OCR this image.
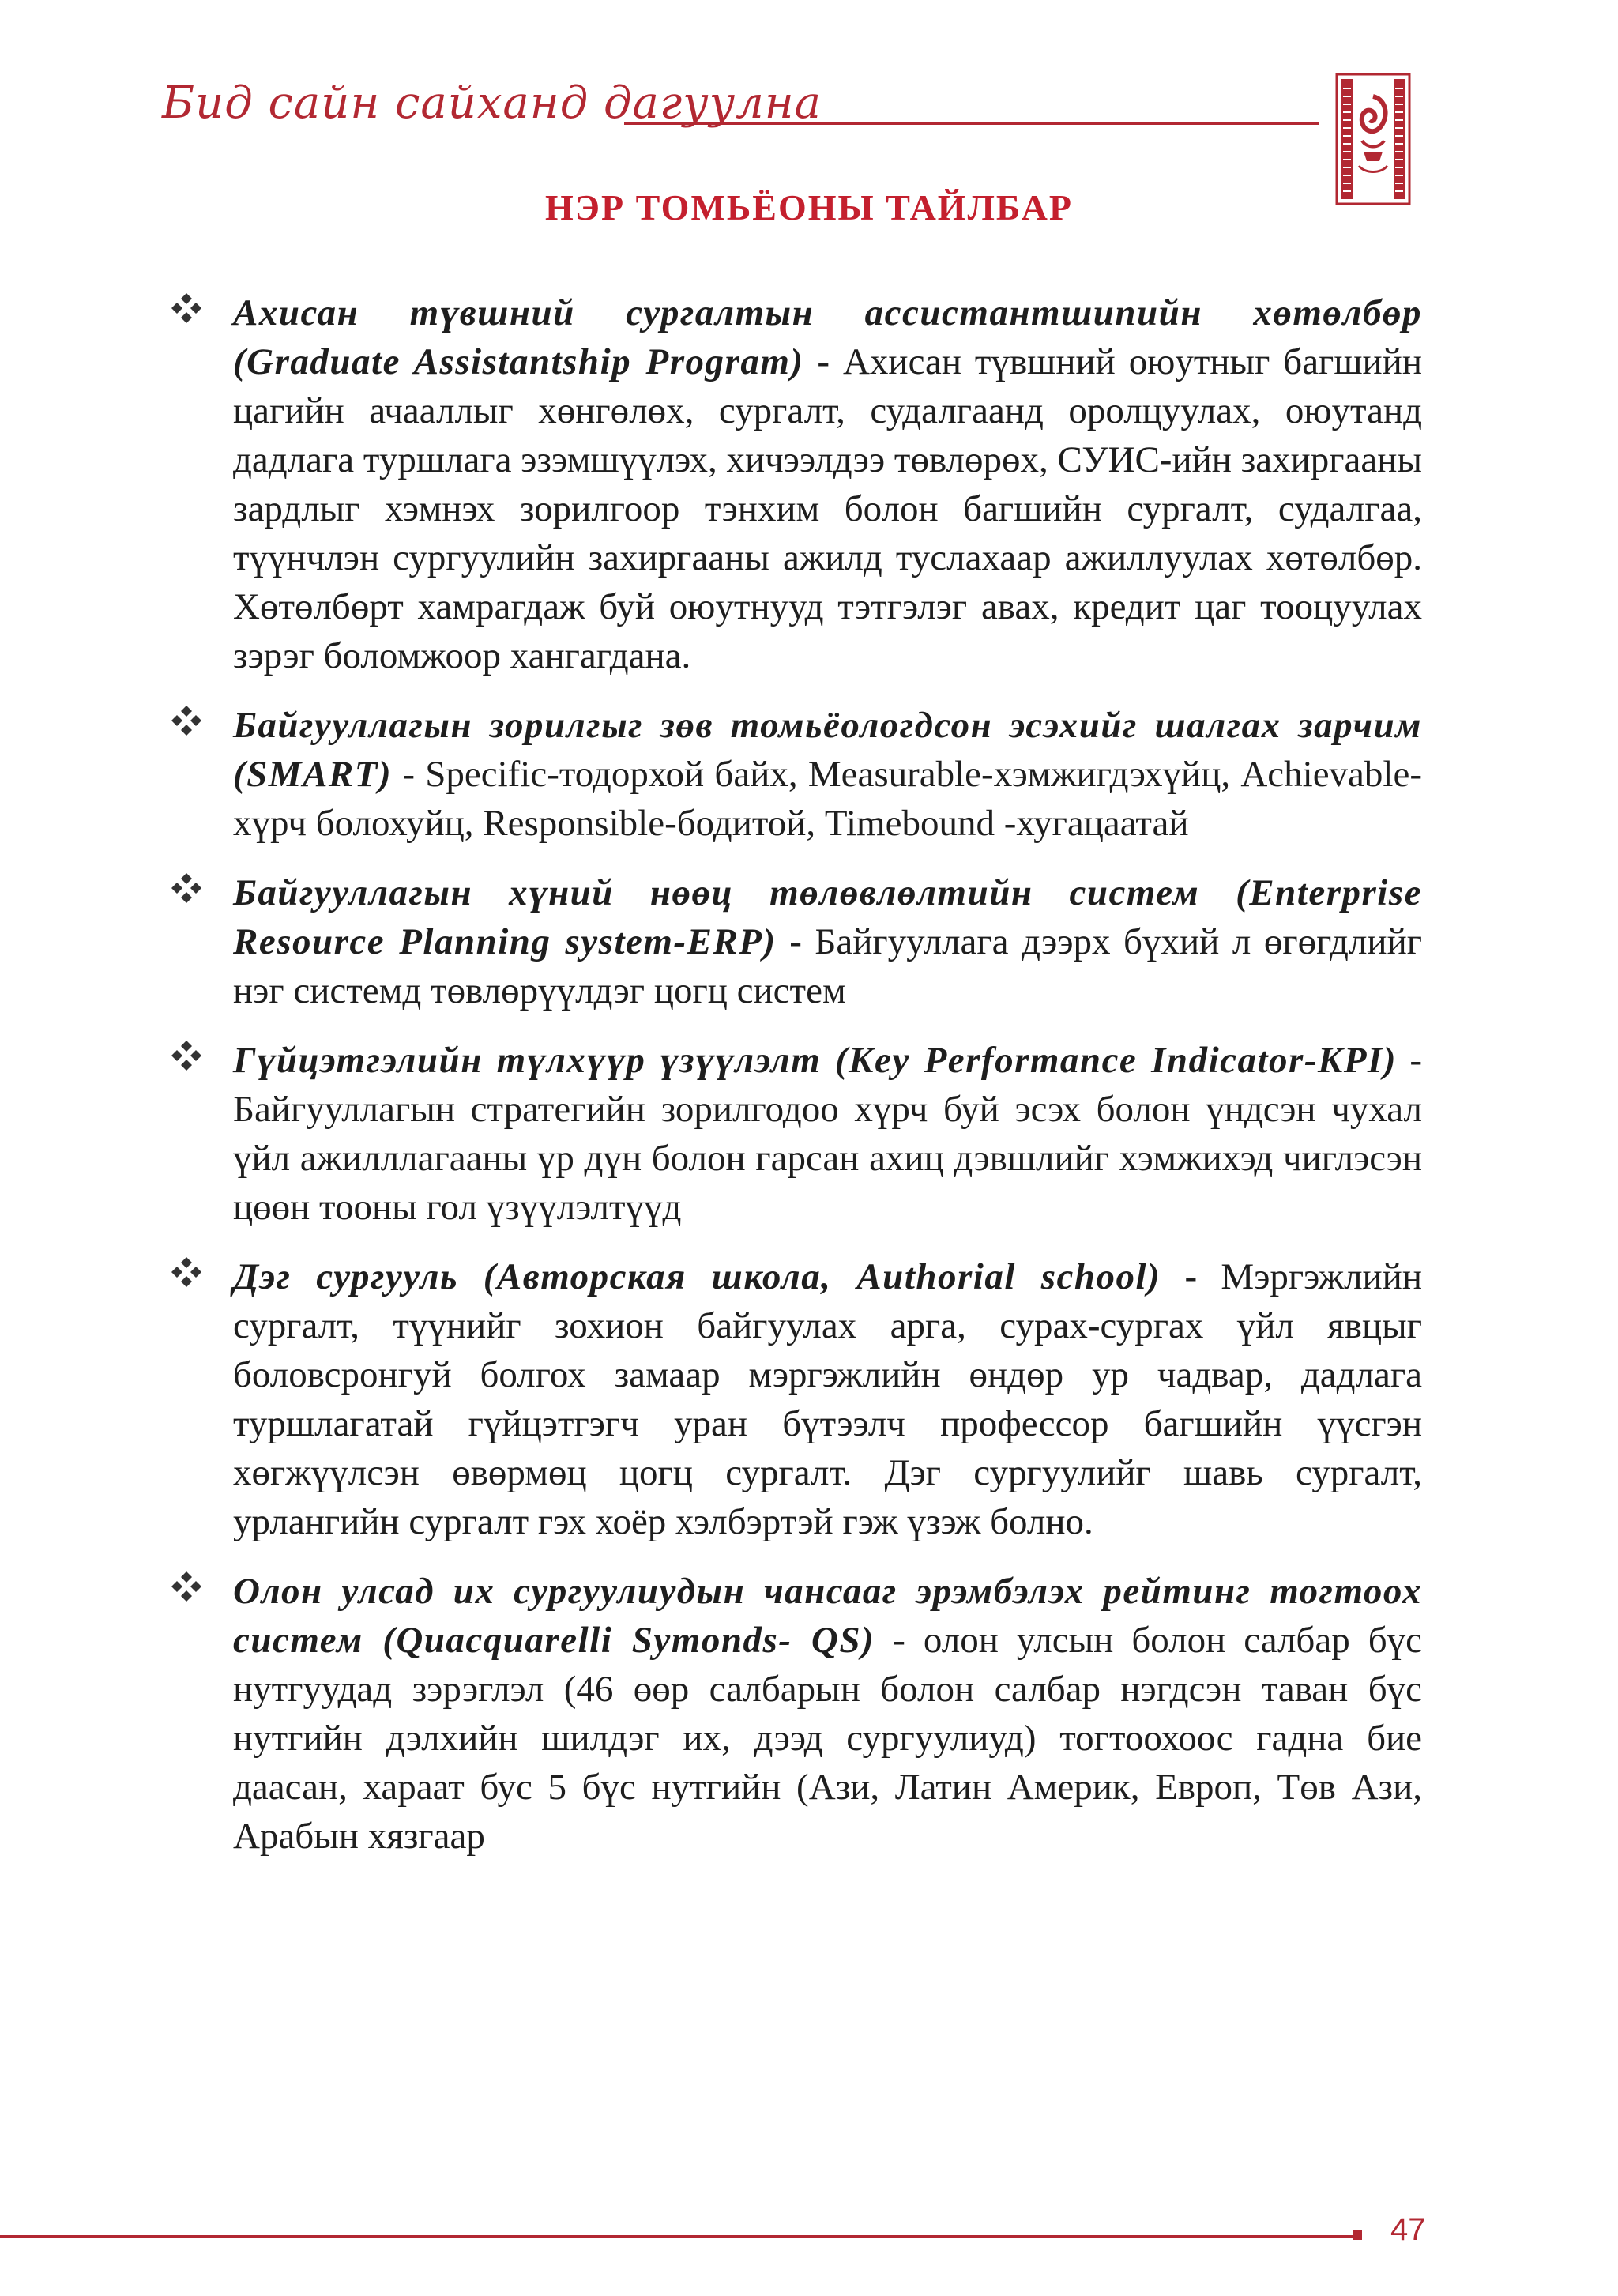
Бид сайн сайханд дагуулна
НЭР ТОМЬЁОНЫ ТАЙЛБАР
Ахисан түвшний сургалтын ассистантшипийн хөтөлбөр (Graduate Assistantship Program) - Ахисан түвшний оюутныг багшийн цагийн ачааллыг хөнгөлөх, сургалт, судалгаанд оролцуулах, оюутанд дадлага туршлага эзэмшүүлэх, хичээлдээ төвлөрөх, СУИС-ийн захиргааны зардлыг хэмнэх зорилгоор тэнхим болон багшийн сургалт, судалгаа, түүнчлэн сургуулийн захиргааны ажилд туслахаар ажиллуулах хөтөлбөр. Хөтөлбөрт хамрагдаж буй оюутнууд тэтгэлэг авах, кредит цаг тооцуулах зэрэг боломжоор хангагдана.
Байгууллагын зорилгыг зөв томьёологдсон эсэхийг шалгах зарчим (SMART) - Specific-тодорхой байх, Measurable-хэмжигдэхүйц, Achievable-хүрч болохуйц, Responsible-бодитой, Timebound -хугацаатай
Байгууллагын хүний нөөц төлөвлөлтийн систем (Enterprise Resource Planning system-ERP) - Байгууллага дээрх бүхий л өгөгдлийг нэг системд төвлөрүүлдэг цогц систем
Гүйцэтгэлийн түлхүүр үзүүлэлт (Key Performance Indicator-KPI) - Байгууллагын стратегийн зорилгодоо хүрч буй эсэх болон үндсэн чухал үйл ажилллагааны үр дүн болон гарсан ахиц дэвшлийг хэмжихэд чиглэсэн цөөн тооны гол үзүүлэлтүүд
Дэг сургууль (Авторская школа, Authorial school) - Мэргэжлийн сургалт, түүнийг зохион байгуулах арга, сурах-сургах үйл явцыг боловсронгуй болгох замаар мэргэжлийн өндөр ур чадвар, дадлага туршлагатай гүйцэтгэгч уран бүтээлч профессор багшийн үүсгэн хөгжүүлсэн өвөрмөц цогц сургалт. Дэг сургуулийг шавь сургалт, урлангийн сургалт гэх хоёр хэлбэртэй гэж үзэж болно.
Олон улсад их сургуулиудын чансааг эрэмбэлэх рейтинг тогтоох систем (Quacquarelli Symonds- QS) - олон улсын болон салбар бүс нутгуудад зэрэглэл (46 өөр салбарын болон салбар нэгдсэн таван бүс нутгийн дэлхийн шилдэг их, дээд сургуулиуд) тогтоохоос гадна бие даасан, хараат бус 5 бүс нутгийн (Ази, Латин Америк, Европ, Төв Ази, Арабын хязгаар
47
